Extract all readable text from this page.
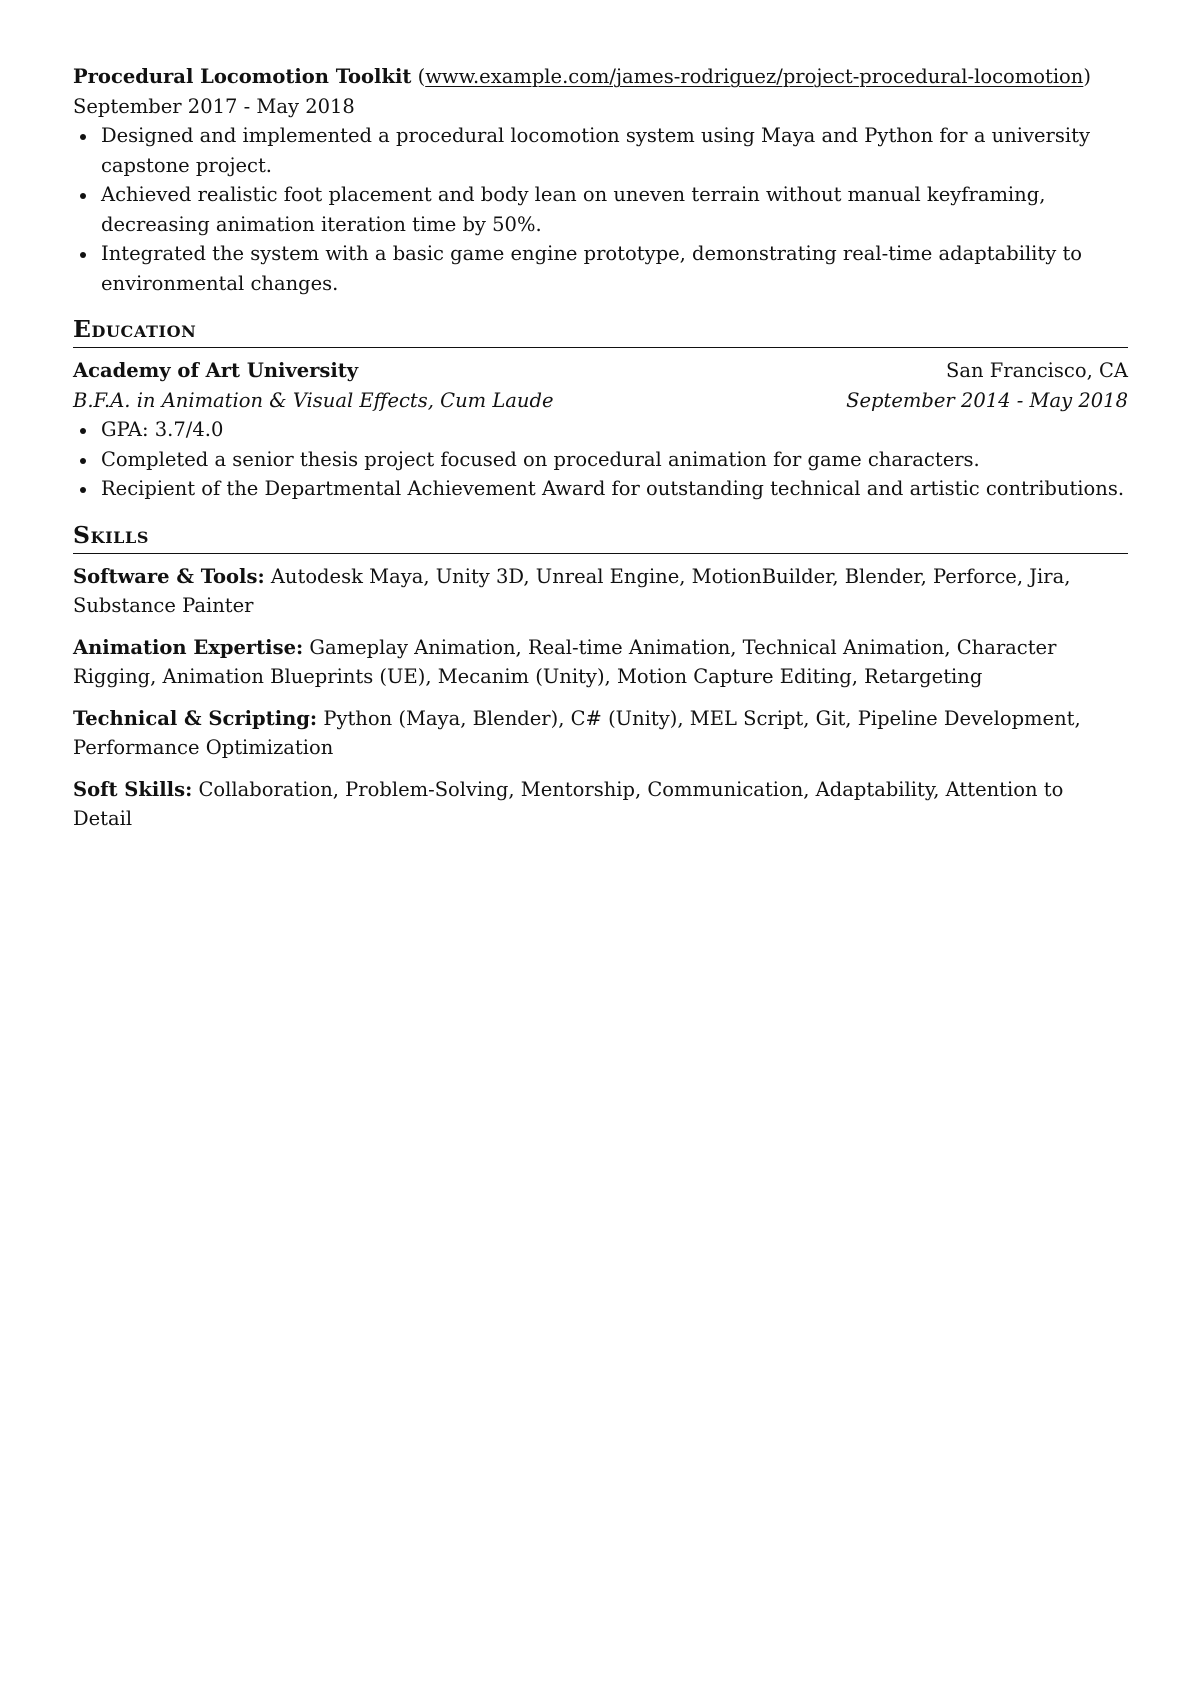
Procedural Locomotion Toolkit (www.example.com/james-rodriguez/project-procedural-locomotion)
September 2017 - May 2018
Designed and implemented a procedural locomotion system using Maya and Python for a university capstone project.
Achieved realistic foot placement and body lean on uneven terrain without manual keyframing, decreasing animation iteration time by 50%.
Integrated the system with a basic game engine prototype, demonstrating real-time adaptability to environmental changes.
Education
Academy of Art University	San Francisco, CA
B.F.A. in Animation & Visual Effects, Cum Laude	September 2014 - May 2018
GPA: 3.7/4.0
Completed a senior thesis project focused on procedural animation for game characters.
Recipient of the Departmental Achievement Award for outstanding technical and artistic contributions.
Skills
Software & Tools: Autodesk Maya, Unity 3D, Unreal Engine, MotionBuilder, Blender, Perforce, Jira, Substance Painter
Animation Expertise: Gameplay Animation, Real-time Animation, Technical Animation, Character Rigging, Animation Blueprints (UE), Mecanim (Unity), Motion Capture Editing, Retargeting
Technical & Scripting: Python (Maya, Blender), C# (Unity), MEL Script, Git, Pipeline Development, Performance Optimization
Soft Skills: Collaboration, Problem-Solving, Mentorship, Communication, Adaptability, Attention to Detail
